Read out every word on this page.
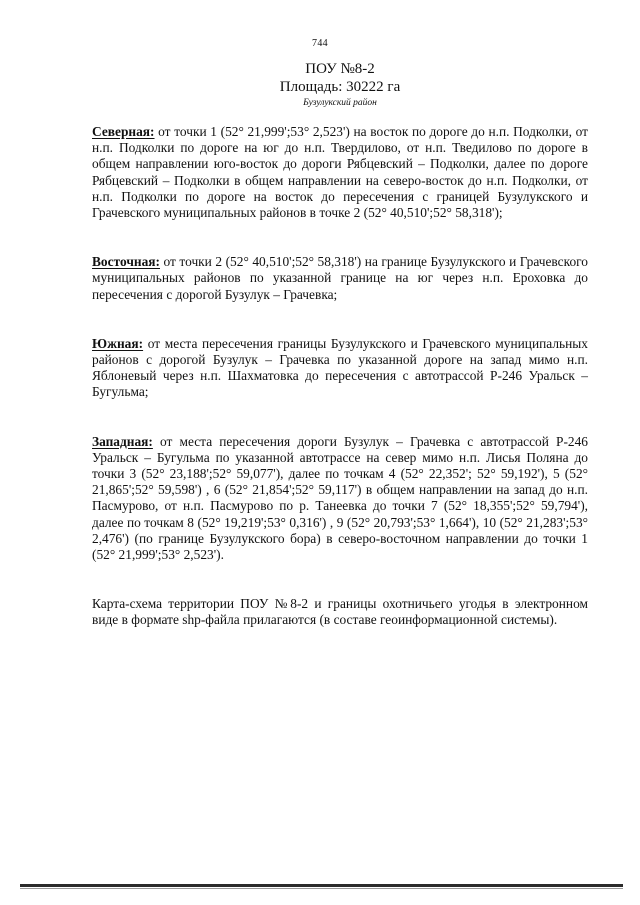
744
ПОУ №8-2
Площадь: 30222 га
Бузулукский район

Северная: от точки 1 (52° 21,999';53° 2,523') на восток по дороге до н.п. Подколки, от н.п. Подколки по дороге на юг до н.п. Твердилово, от н.п. Тведилово по дороге в общем направлении юго-восток до дороги Рябцевский – Подколки, далее по дороге Рябцевский – Подколки в общем направлении на северо-восток до н.п. Подколки, от н.п. Подколки по дороге на восток до пересечения с границей Бузулукского и Грачевского муниципальных районов в точке 2 (52° 40,510';52° 58,318');

Восточная: от точки 2 (52° 40,510';52° 58,318') на границе Бузулукского и Грачевского муниципальных районов по указанной границе на юг через н.п. Ероховка до пересечения с дорогой Бузулук – Грачевка;

Южная: от места пересечения границы Бузулукского и Грачевского муниципальных районов с дорогой Бузулук – Грачевка по указанной дороге на запад мимо н.п. Яблоневый через н.п. Шахматовка до пересечения с автотрассой Р-246 Уральск – Бугульма;

Западная: от места пересечения дороги Бузулук – Грачевка с автотрассой Р-246 Уральск – Бугульма по указанной автотрассе на север мимо н.п. Лисья Поляна до точки 3 (52° 23,188';52° 59,077'), далее по точкам 4 (52° 22,352'; 52° 59,192'), 5 (52° 21,865';52° 59,598') , 6 (52° 21,854';52° 59,117') в общем направлении на запад до н.п. Пасмурово, от н.п. Пасмурово по р. Танеевка до точки 7 (52° 18,355';52° 59,794'), далее по точкам 8 (52° 19,219';53° 0,316') , 9 (52° 20,793';53° 1,664'), 10 (52° 21,283';53° 2,476') (по границе Бузулукского бора) в северо-восточном направлении до точки 1 (52° 21,999';53° 2,523').

Карта-схема территории ПОУ №8-2 и границы охотничьего угодья в электронном виде в формате shp-файла прилагаются (в составе геоинформационной системы).
